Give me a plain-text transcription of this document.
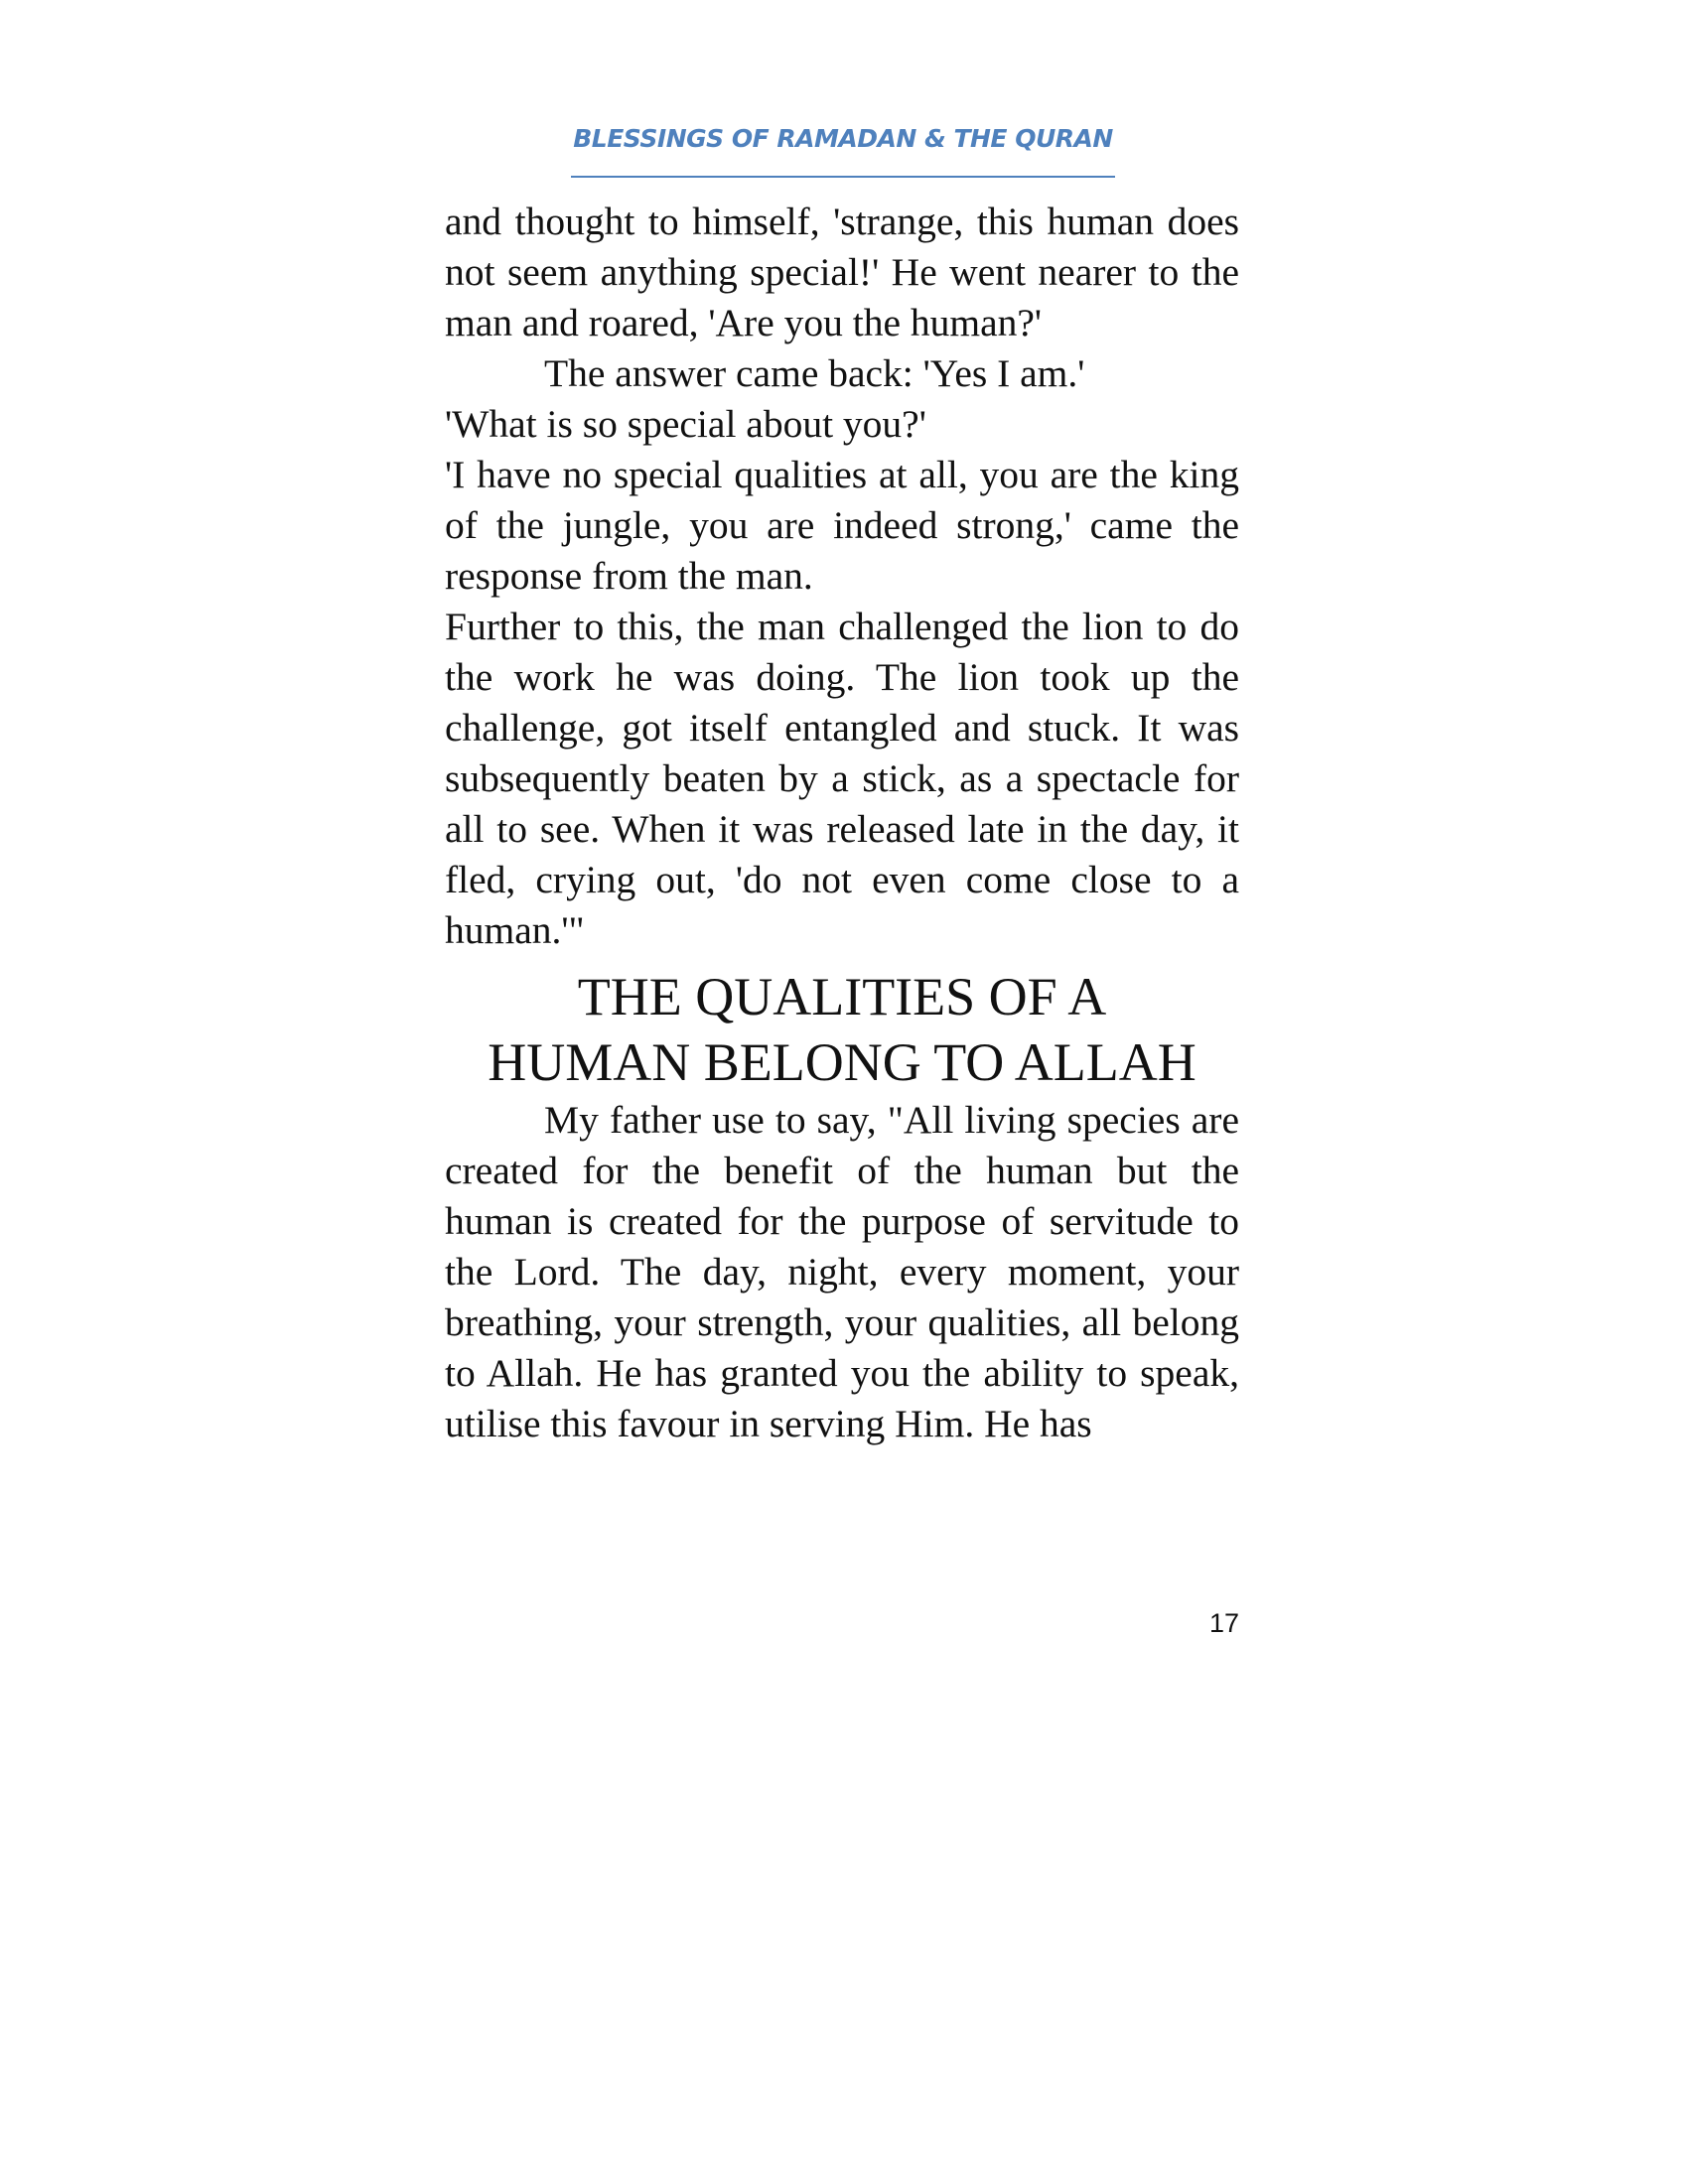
BLESSINGS OF RAMADAN & THE QURAN

and thought to himself, 'strange, this human does not seem anything special!' He went nearer to the man and roared, 'Are you the human?'

The answer came back: 'Yes I am.'

'What is so special about you?'

'I have no special qualities at all, you are the king of the jungle, you are indeed strong,' came the response from the man.

Further to this, the man challenged the lion to do the work he was doing. The lion took up the challenge, got itself entangled and stuck. It was subsequently beaten by a stick, as a spectacle for all to see. When it was released late in the day, it fled, crying out, 'do not even come close to a human.'"

THE QUALITIES OF A
HUMAN BELONG TO ALLAH

My father use to say, "All living species are created for the benefit of the human but the human is created for the purpose of servitude to the Lord. The day, night, every moment, your breathing, your strength, your qualities, all belong to Allah. He has granted you the ability to speak, utilise this favour in serving Him. He has

17
